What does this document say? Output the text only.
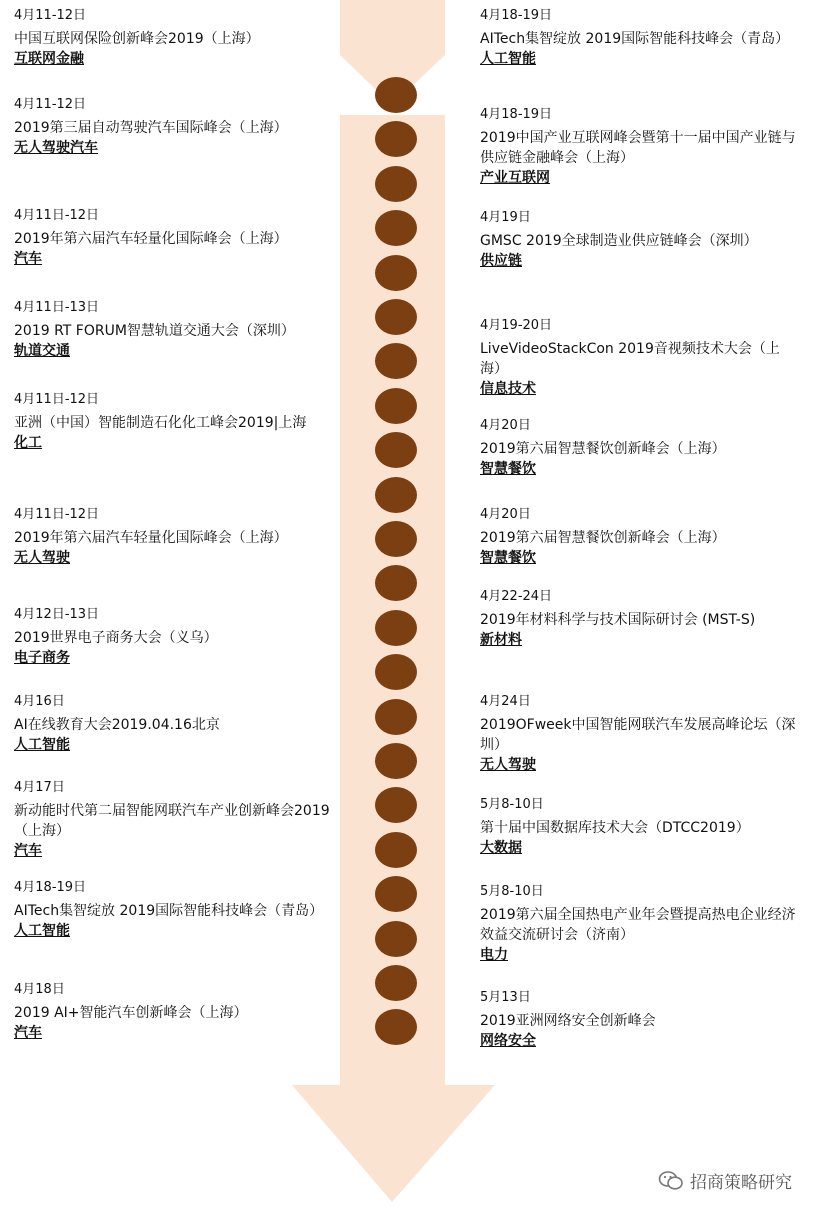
4月11-12日
中国互联网保险创新峰会2019（上海）
互联网金融
4月11-12日
2019第三届自动驾驶汽车国际峰会（上海）
无人驾驶汽车
4月11日-12日
2019年第六届汽车轻量化国际峰会（上海）
汽车
4月11日-13日
2019 RT FORUM智慧轨道交通大会（深圳）
轨道交通
4月11日-12日
亚洲（中国）智能制造石化化工峰会2019|上海
化工
4月11日-12日
2019年第六届汽车轻量化国际峰会（上海）
无人驾驶
4月12日-13日
2019世界电子商务大会（义乌）
电子商务
4月16日
AI在线教育大会2019.04.16北京
人工智能
4月17日
新动能时代第二届智能网联汽车产业创新峰会2019（上海）
汽车
4月18-19日
AITech集智绽放 2019国际智能科技峰会（青岛）
人工智能
4月18日
2019 AI+智能汽车创新峰会（上海）
汽车
4月18-19日
AITech集智绽放 2019国际智能科技峰会（青岛）
人工智能
4月18-19日
2019中国产业互联网峰会暨第十一届中国产业链与供应链金融峰会（上海）
产业互联网
4月19日
GMSC 2019全球制造业供应链峰会（深圳）
供应链
4月19-20日
LiveVideoStackCon 2019音视频技术大会（上海）
信息技术
4月20日
2019第六届智慧餐饮创新峰会（上海）
智慧餐饮
4月20日
2019第六届智慧餐饮创新峰会（上海）
智慧餐饮
4月22-24日
2019年材料科学与技术国际研讨会 (MST-S)
新材料
4月24日
2019OFweek中国智能网联汽车发展高峰论坛（深圳）
无人驾驶
5月8-10日
第十届中国数据库技术大会（DTCC2019）
大数据
5月8-10日
2019第六届全国热电产业年会暨提高热电企业经济效益交流研讨会（济南）
电力
5月13日
2019亚洲网络安全创新峰会
网络安全
招商策略研究
